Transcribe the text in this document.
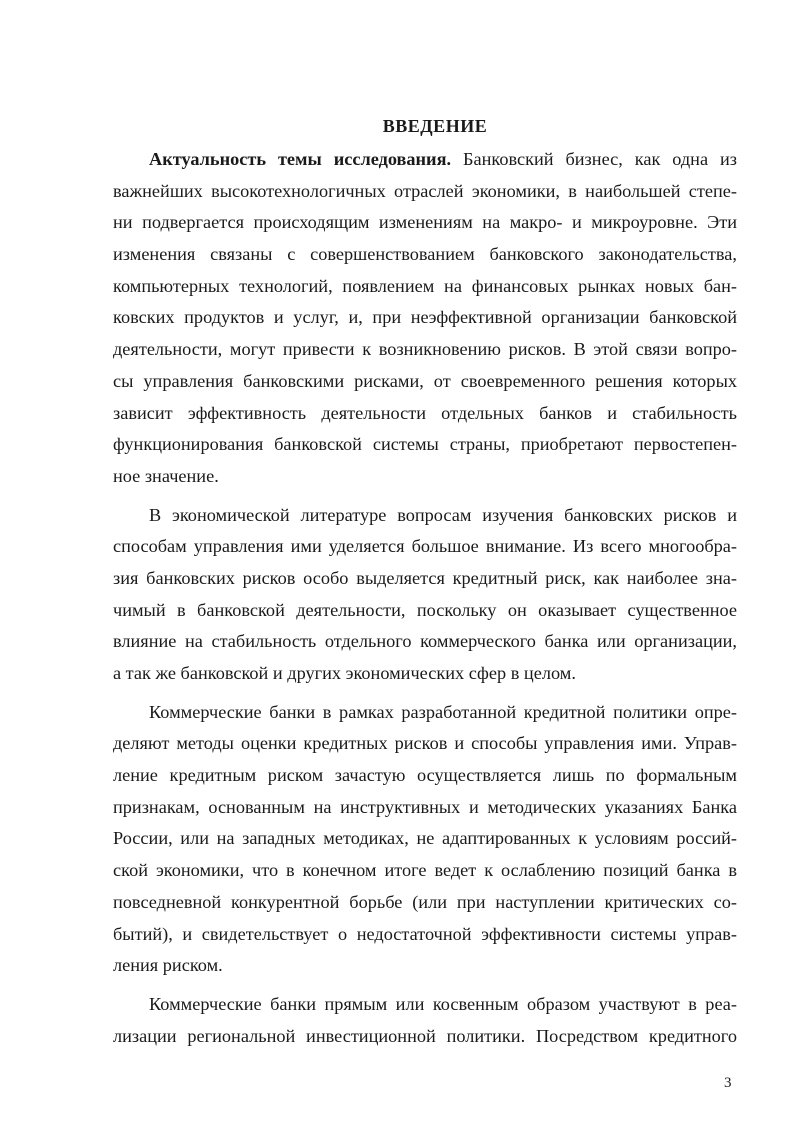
ВВЕДЕНИЕ
Актуальность темы исследования. Банковский бизнес, как одна из
важнейших высокотехнологичных отраслей экономики, в наибольшей степе-
ни подвергается происходящим изменениям на макро- и микроуровне. Эти
изменения связаны с совершенствованием банковского законодательства,
компьютерных технологий, появлением на финансовых рынках новых бан-
ковских продуктов и услуг, и, при неэффективной организации банковской
деятельности, могут привести к возникновению рисков. В этой связи вопро-
сы управления банковскими рисками, от своевременного решения которых
зависит эффективность деятельности отдельных банков и стабильность
функционирования банковской системы страны, приобретают первостепен-
ное значение.
В экономической литературе вопросам изучения банковских рисков и
способам управления ими уделяется большое внимание. Из всего многообра-
зия банковских рисков особо выделяется кредитный риск, как наиболее зна-
чимый в банковской деятельности, поскольку он оказывает существенное
влияние на стабильность отдельного коммерческого банка или организации,
а так же банковской и других экономических сфер в целом.
Коммерческие банки в рамках разработанной кредитной политики опре-
деляют методы оценки кредитных рисков и способы управления ими. Управ-
ление кредитным риском зачастую осуществляется лишь по формальным
признакам, основанным на инструктивных и методических указаниях Банка
России, или на западных методиках, не адаптированных к условиям россий-
ской экономики, что в конечном итоге ведет к ослаблению позиций банка в
повседневной конкурентной борьбе (или при наступлении критических со-
бытий), и свидетельствует о недостаточной эффективности системы управ-
ления риском.
Коммерческие банки прямым или косвенным образом участвуют в реа-
лизации региональной инвестиционной политики. Посредством кредитного
3
